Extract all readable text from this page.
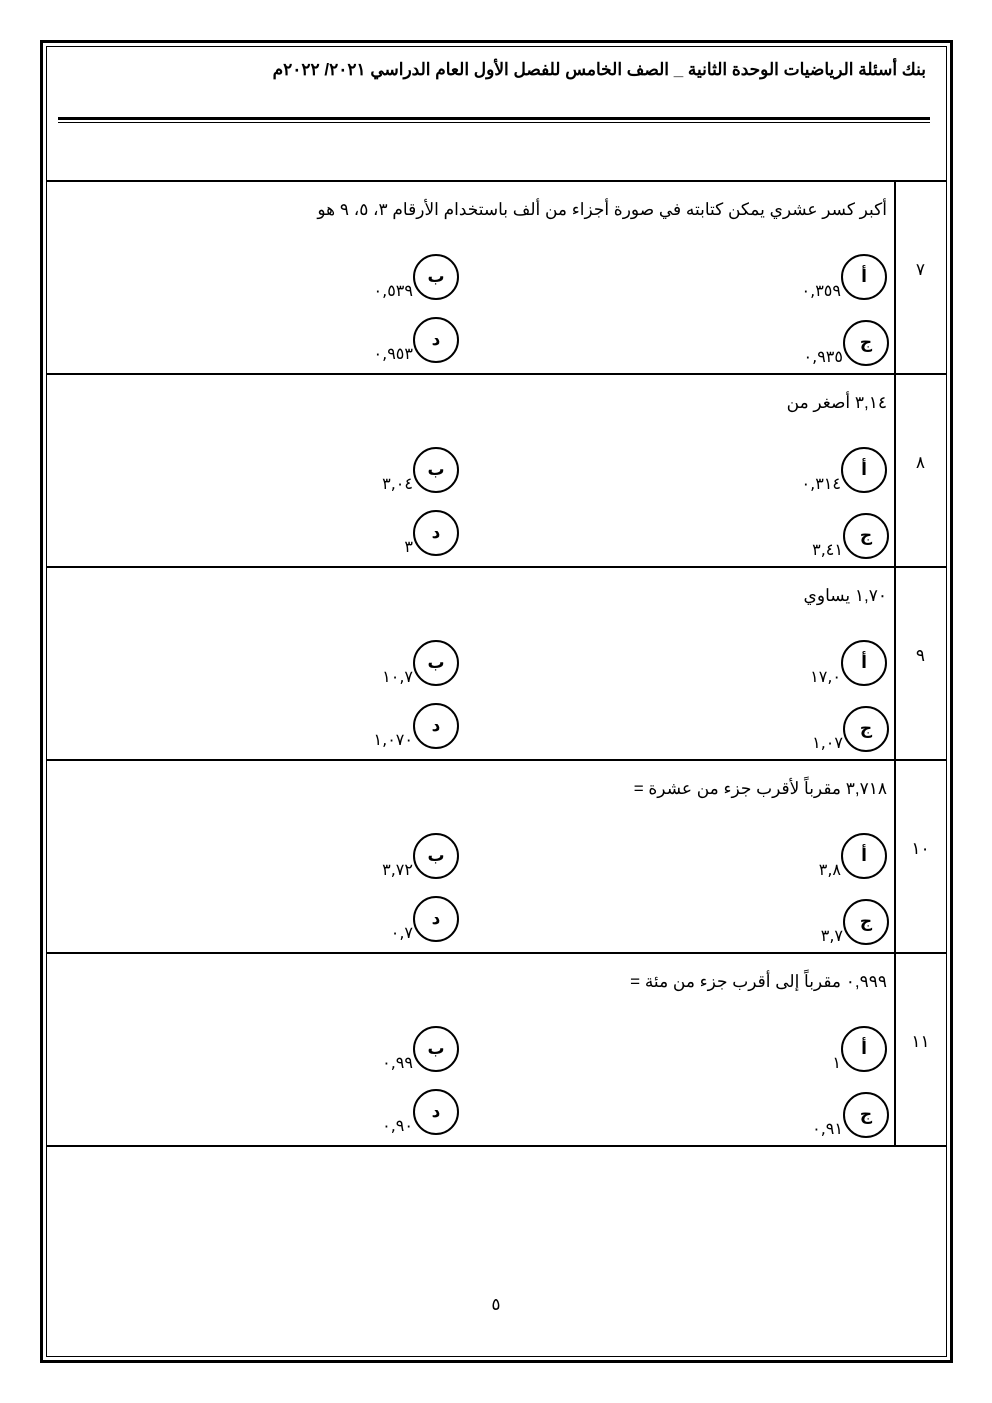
بنك أسئلة الرياضيات الوحدة الثانية _ الصف الخامس للفصل الأول العام الدراسي ٢٠٢١/ ٢٠٢٢م
٧
أكبر كسر عشري يمكن كتابته في صورة أجزاء من ألف باستخدام الأرقام ٣، ٥، ٩ هو
أ
٠,٣٥٩
ب
٠,٥٣٩
ج
٠,٩٣٥
د
٠,٩٥٣
٨
٣,١٤ أصغر من
أ
٠,٣١٤
ب
٣,٠٤
ج
٣,٤١
د
٣
٩
١,٧٠ يساوي
أ
١٧,٠
ب
١٠,٧
ج
١,٠٧
د
١,٠٧٠
١٠
٣,٧١٨ مقرباً لأقرب جزء من عشرة =
أ
٣,٨
ب
٣,٧٢
ج
٣,٧
د
٠,٧
١١
٠,٩٩٩ مقرباً إلى أقرب جزء من مئة =
أ
١
ب
٠,٩٩
ج
٠,٩١
د
٠,٩٠
٥
